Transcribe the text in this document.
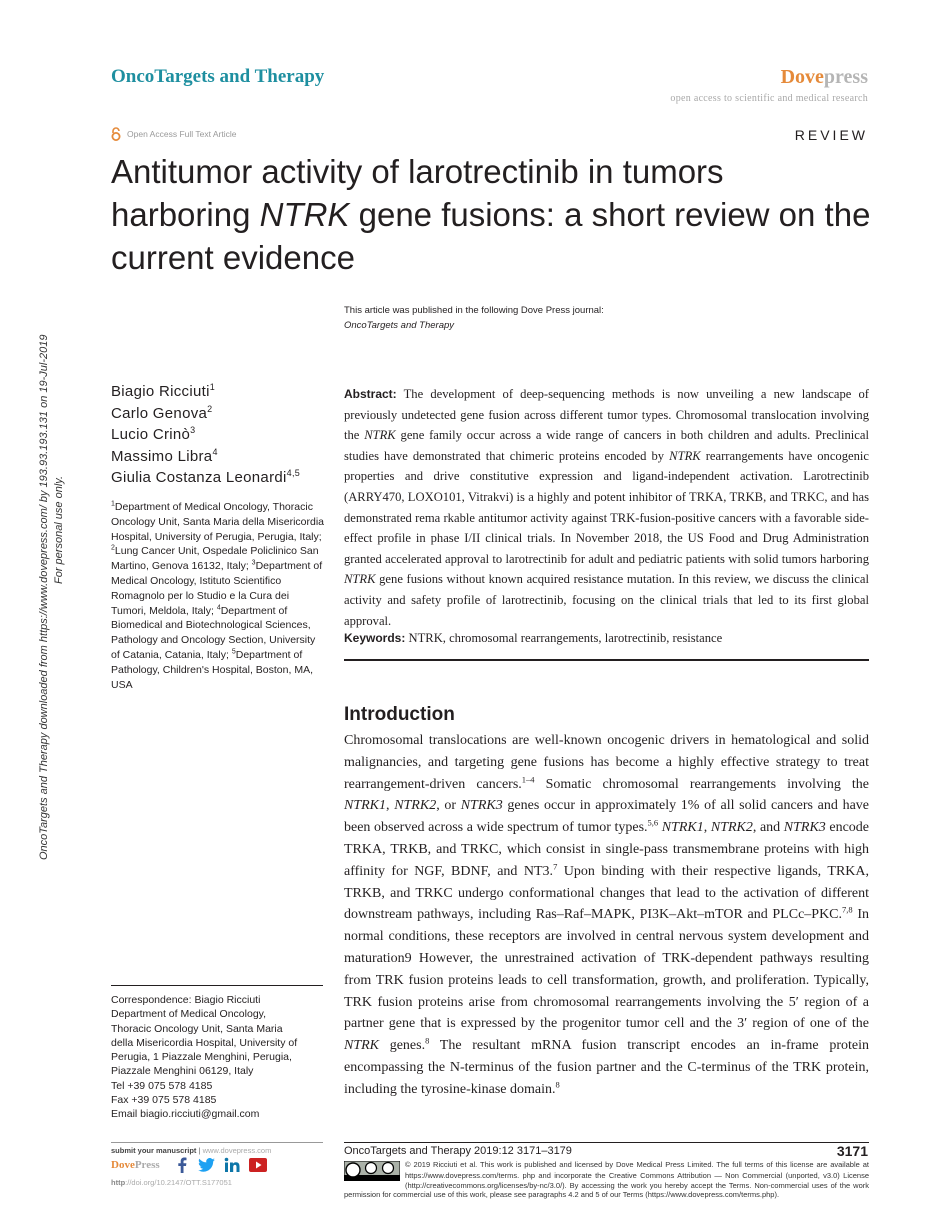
OncoTargets and Therapy	Dovepress
open access to scientific and medical research
Open Access Full Text Article	REVIEW
Antitumor activity of larotrectinib in tumors harboring NTRK gene fusions: a short review on the current evidence
This article was published in the following Dove Press journal:
OncoTargets and Therapy
OncoTargets and Therapy downloaded from https://www.dovepress.com/ by 193.93.193.131 on 19-Jul-2019 For personal use only.
Biagio Ricciuti$^1$
Carlo Genova$^2$
Lucio Crinò$^3$
Massimo Libra$^4$
Giulia Costanza Leonardi$^{4,5}$
$^1$Department of Medical Oncology, Thoracic Oncology Unit, Santa Maria della Misericordia Hospital, University of Perugia, Perugia, Italy; $^2$Lung Cancer Unit, Ospedale Policlinico San Martino, Genova 16132, Italy; $^3$Department of Medical Oncology, Istituto Scientifico Romagnolo per lo Studio e la Cura dei Tumori, Meldola, Italy; $^4$Department of Biomedical and Biotechnological Sciences, Pathology and Oncology Section, University of Catania, Catania, Italy; $^5$Department of Pathology, Children's Hospital, Boston, MA, USA
Abstract: The development of deep-sequencing methods is now unveiling a new landscape of previously undetected gene fusion across different tumor types. Chromosomal translocation involving the NTRK gene family occur across a wide range of cancers in both children and adults. Preclinical studies have demonstrated that chimeric proteins encoded by NTRK rearrangements have oncogenic properties and drive constitutive expression and ligand-independent activation. Larotrectinib (ARRY470, LOXO101, Vitrakvi) is a highly and potent inhibitor of TRKA, TRKB, and TRKC, and has demonstrated rema rkable antitumor activity against TRK-fusion-positive cancers with a favorable side-effect profile in phase I/II clinical trials. In November 2018, the US Food and Drug Administration granted accelerated approval to larotrectinib for adult and pediatric patients with solid tumors harboring NTRK gene fusions without known acquired resistance mutation. In this review, we discuss the clinical activity and safety profile of larotrectinib, focusing on the clinical trials that led to its first global approval.
Keywords: NTRK, chromosomal rearrangements, larotrectinib, resistance
Introduction
Chromosomal translocations are well-known oncogenic drivers in hematological and solid malignancies, and targeting gene fusions has become a highly effective strategy to treat rearrangement-driven cancers.$^{1-4}$ Somatic chromosomal rearrangements involving the NTRK1, NTRK2, or NTRK3 genes occur in approximately 1% of all solid cancers and have been observed across a wide spectrum of tumor types.$^{5,6}$ NTRK1, NTRK2, and NTRK3 encode TRKA, TRKB, and TRKC, which consist in single-pass transmembrane proteins with high affinity for NGF, BDNF, and NT3.$^7$ Upon binding with their respective ligands, TRKA, TRKB, and TRKC undergo conformational changes that lead to the activation of different downstream pathways, including Ras–Raf–MAPK, PI3K–Akt–mTOR and PLCc–PKC.$^{7,8}$ In normal conditions, these receptors are involved in central nervous system development and maturation9 However, the unrestrained activation of TRK-dependent pathways resulting from TRK fusion proteins leads to cell transformation, growth, and proliferation. Typically, TRK fusion proteins arise from chromosomal rearrangements involving the 5′ region of a partner gene that is expressed by the progenitor tumor cell and the 3′ region of one of the NTRK genes.$^8$ The resultant mRNA fusion transcript encodes an in-frame protein encompassing the N-terminus of the fusion partner and the C-terminus of the TRK protein, including the tyrosine-kinase domain.$^8$
Correspondence: Biagio Ricciuti
Department of Medical Oncology,
Thoracic Oncology Unit, Santa Maria
della Misericordia Hospital, University of
Perugia, 1 Piazzale Menghini, Perugia,
Piazzale Menghini 06129, Italy
Tel +39 075 578 4185
Fax +39 075 578 4185
Email biagio.ricciuti@gmail.com
submit your manuscript | www.dovepress.com
DovePress
http://doi.org/10.2147/OTT.S177051
OncoTargets and Therapy 2019:12 3171–3179	3171
© 2019 Ricciuti et al. This work is published and licensed by Dove Medical Press Limited. The full terms of this license are available at https://www.dovepress.com/terms. php and incorporate the Creative Commons Attribution — Non Commercial (unported, v3.0) License (http://creativecommons.org/licenses/by-nc/3.0/). By accessing the work you hereby accept the Terms. Non-commercial uses of the work
permission for commercial use of this work, please see paragraphs 4.2 and 5 of our Terms (https://www.dovepress.com/terms.php).
